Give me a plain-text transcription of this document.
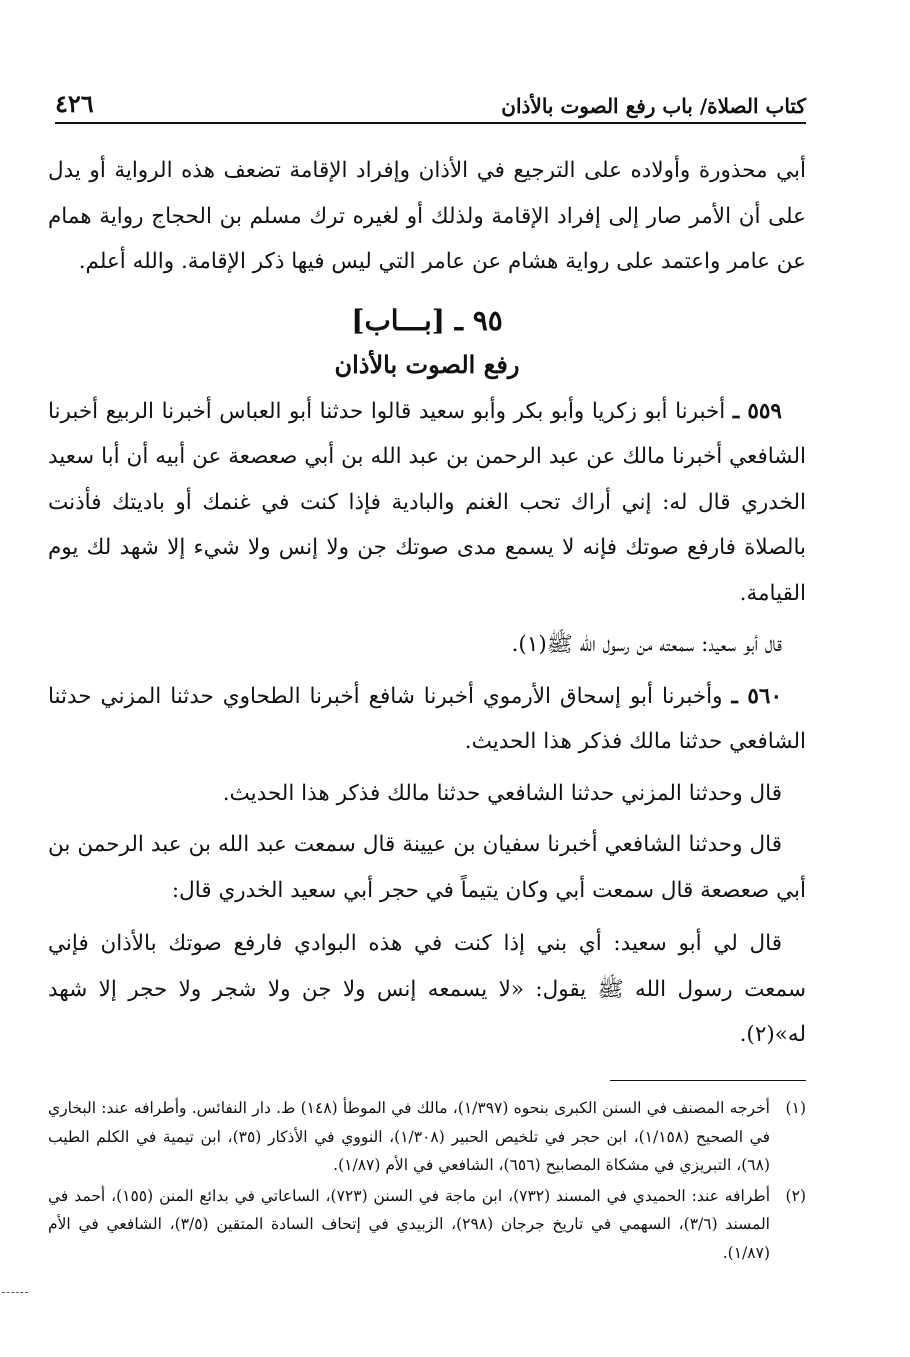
كتاب الصلاة/ باب رفع الصوت بالأذان
٤٢٦

أبي محذورة وأولاده على الترجيع في الأذان وإفراد الإقامة تضعف هذه الرواية أو يدل على أن الأمر صار إلى إفراد الإقامة ولذلك أو لغيره ترك مسلم بن الحجاج رواية همام عن عامر واعتمد على رواية هشام عن عامر التي ليس فيها ذكر الإقامة. والله أعلم.

٩٥ ـ [بـــاب]
رفع الصوت بالأذان

٥٥٩ ـ أخبرنا أبو زكريا وأبو بكر وأبو سعيد قالوا حدثنا أبو العباس أخبرنا الربيع أخبرنا الشافعي أخبرنا مالك عن عبد الرحمن بن عبد الله بن أبي صعصعة عن أبيه أن أبا سعيد الخدري قال له: إني أراك تحب الغنم والبادية فإذا كنت في غنمك أو باديتك فأذنت بالصلاة فارفع صوتك فإنه لا يسمع مدى صوتك جن ولا إنس ولا شيء إلا شهد لك يوم القيامة.

قال أبو سعيد: سمعته من رسول الله ﷺ(١).

٥٦٠ ـ وأخبرنا أبو إسحاق الأرموي أخبرنا شافع أخبرنا الطحاوي حدثنا المزني حدثنا الشافعي حدثنا مالك فذكر هذا الحديث.

قال وحدثنا المزني حدثنا الشافعي حدثنا مالك فذكر هذا الحديث.

قال وحدثنا الشافعي أخبرنا سفيان بن عيينة قال سمعت عبد الله بن عبد الرحمن بن أبي صعصعة قال سمعت أبي وكان يتيماً في حجر أبي سعيد الخدري قال:

قال لي أبو سعيد: أي بني إذا كنت في هذه البوادي فارفع صوتك بالأذان فإني سمعت رسول الله ﷺ يقول: «لا يسمعه إنس ولا جن ولا شجر ولا حجر إلا شهد له»(٢).

(١)
أخرجه المصنف في السنن الكبرى بنحوه (١/٣٩٧)، مالك في الموطأ (١٤٨) ط. دار النفائس. وأطرافه عند: البخاري في الصحيح (١/١٥٨)، ابن حجر في تلخيص الحبير (١/٣٠٨)، النووي في الأذكار (٣٥)، ابن تيمية في الكلم الطيب (٦٨)، التبريزي في مشكاة المصابيح (٦٥٦)، الشافعي في الأم (١/٨٧).
(٢)
أطرافه عند: الحميدي في المسند (٧٣٢)، ابن ماجة في السنن (٧٢٣)، الساعاتي في بدائع المنن (١٥٥)، أحمد في المسند (٣/٦)، السهمي في تاريخ جرجان (٢٩٨)، الزبيدي في إتحاف السادة المتقين (٣/٥)، الشافعي في الأم (١/٨٧).
